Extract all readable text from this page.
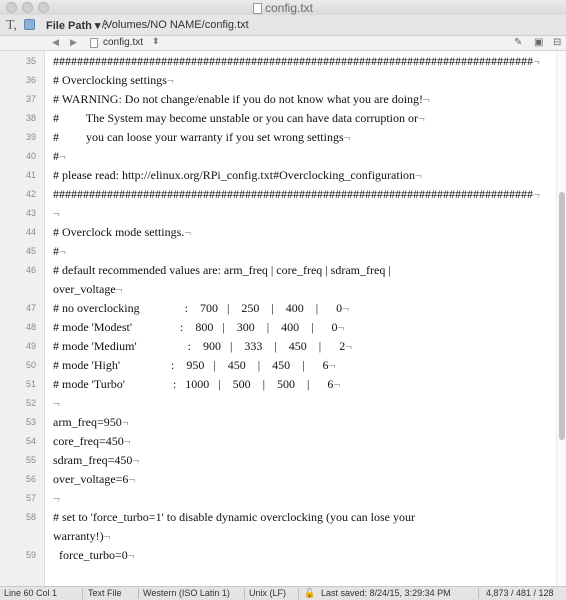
config.txt
T,	File Path ▾ :
/Volumes/NO NAME/config.txt
◀ ▶	config.txt ⬍	✎ ▣ ⊟
35 ################################################################################¬
36 # Overclocking settings¬
37 # WARNING: Do not change/enable if you do not know what you are doing!¬
38 #         The System may become unstable or you can have data corruption or¬
39 #         you can loose your warranty if you set wrong settings¬
40 #¬
41 # please read: http://elinux.org/RPi_config.txt#Overclocking_configuration¬
42 ################################################################################¬
43 ¬
44 # Overclock mode settings.¬
45 #¬
46 # default recommended values are: arm_freq | core_freq | sdram_freq |
over_voltage¬
47 # no overclocking               :    700   |    250    |    400    |      0¬
48 # mode 'Modest'                :    800   |    300    |    400    |      0¬
49 # mode 'Medium'                 :    900   |    333    |    450    |      2¬
50 # mode 'High'                 :    950   |    450    |    450    |      6¬
51 # mode 'Turbo'                :   1000   |    500    |    500    |      6¬
52 ¬
53 arm_freq=950¬
54 core_freq=450¬
55 sdram_freq=450¬
56 over_voltage=6¬
57 ¬
58 # set to 'force_turbo=1' to disable dynamic overclocking (you can lose your
warranty!)¬
59 force_turbo=0¬
Line 60 Col 1	Text File Western (ISO Latin 1) Unix (LF) 🔓 Last saved: 8/24/15, 3:29:34 PM	4,873 / 481 / 128
